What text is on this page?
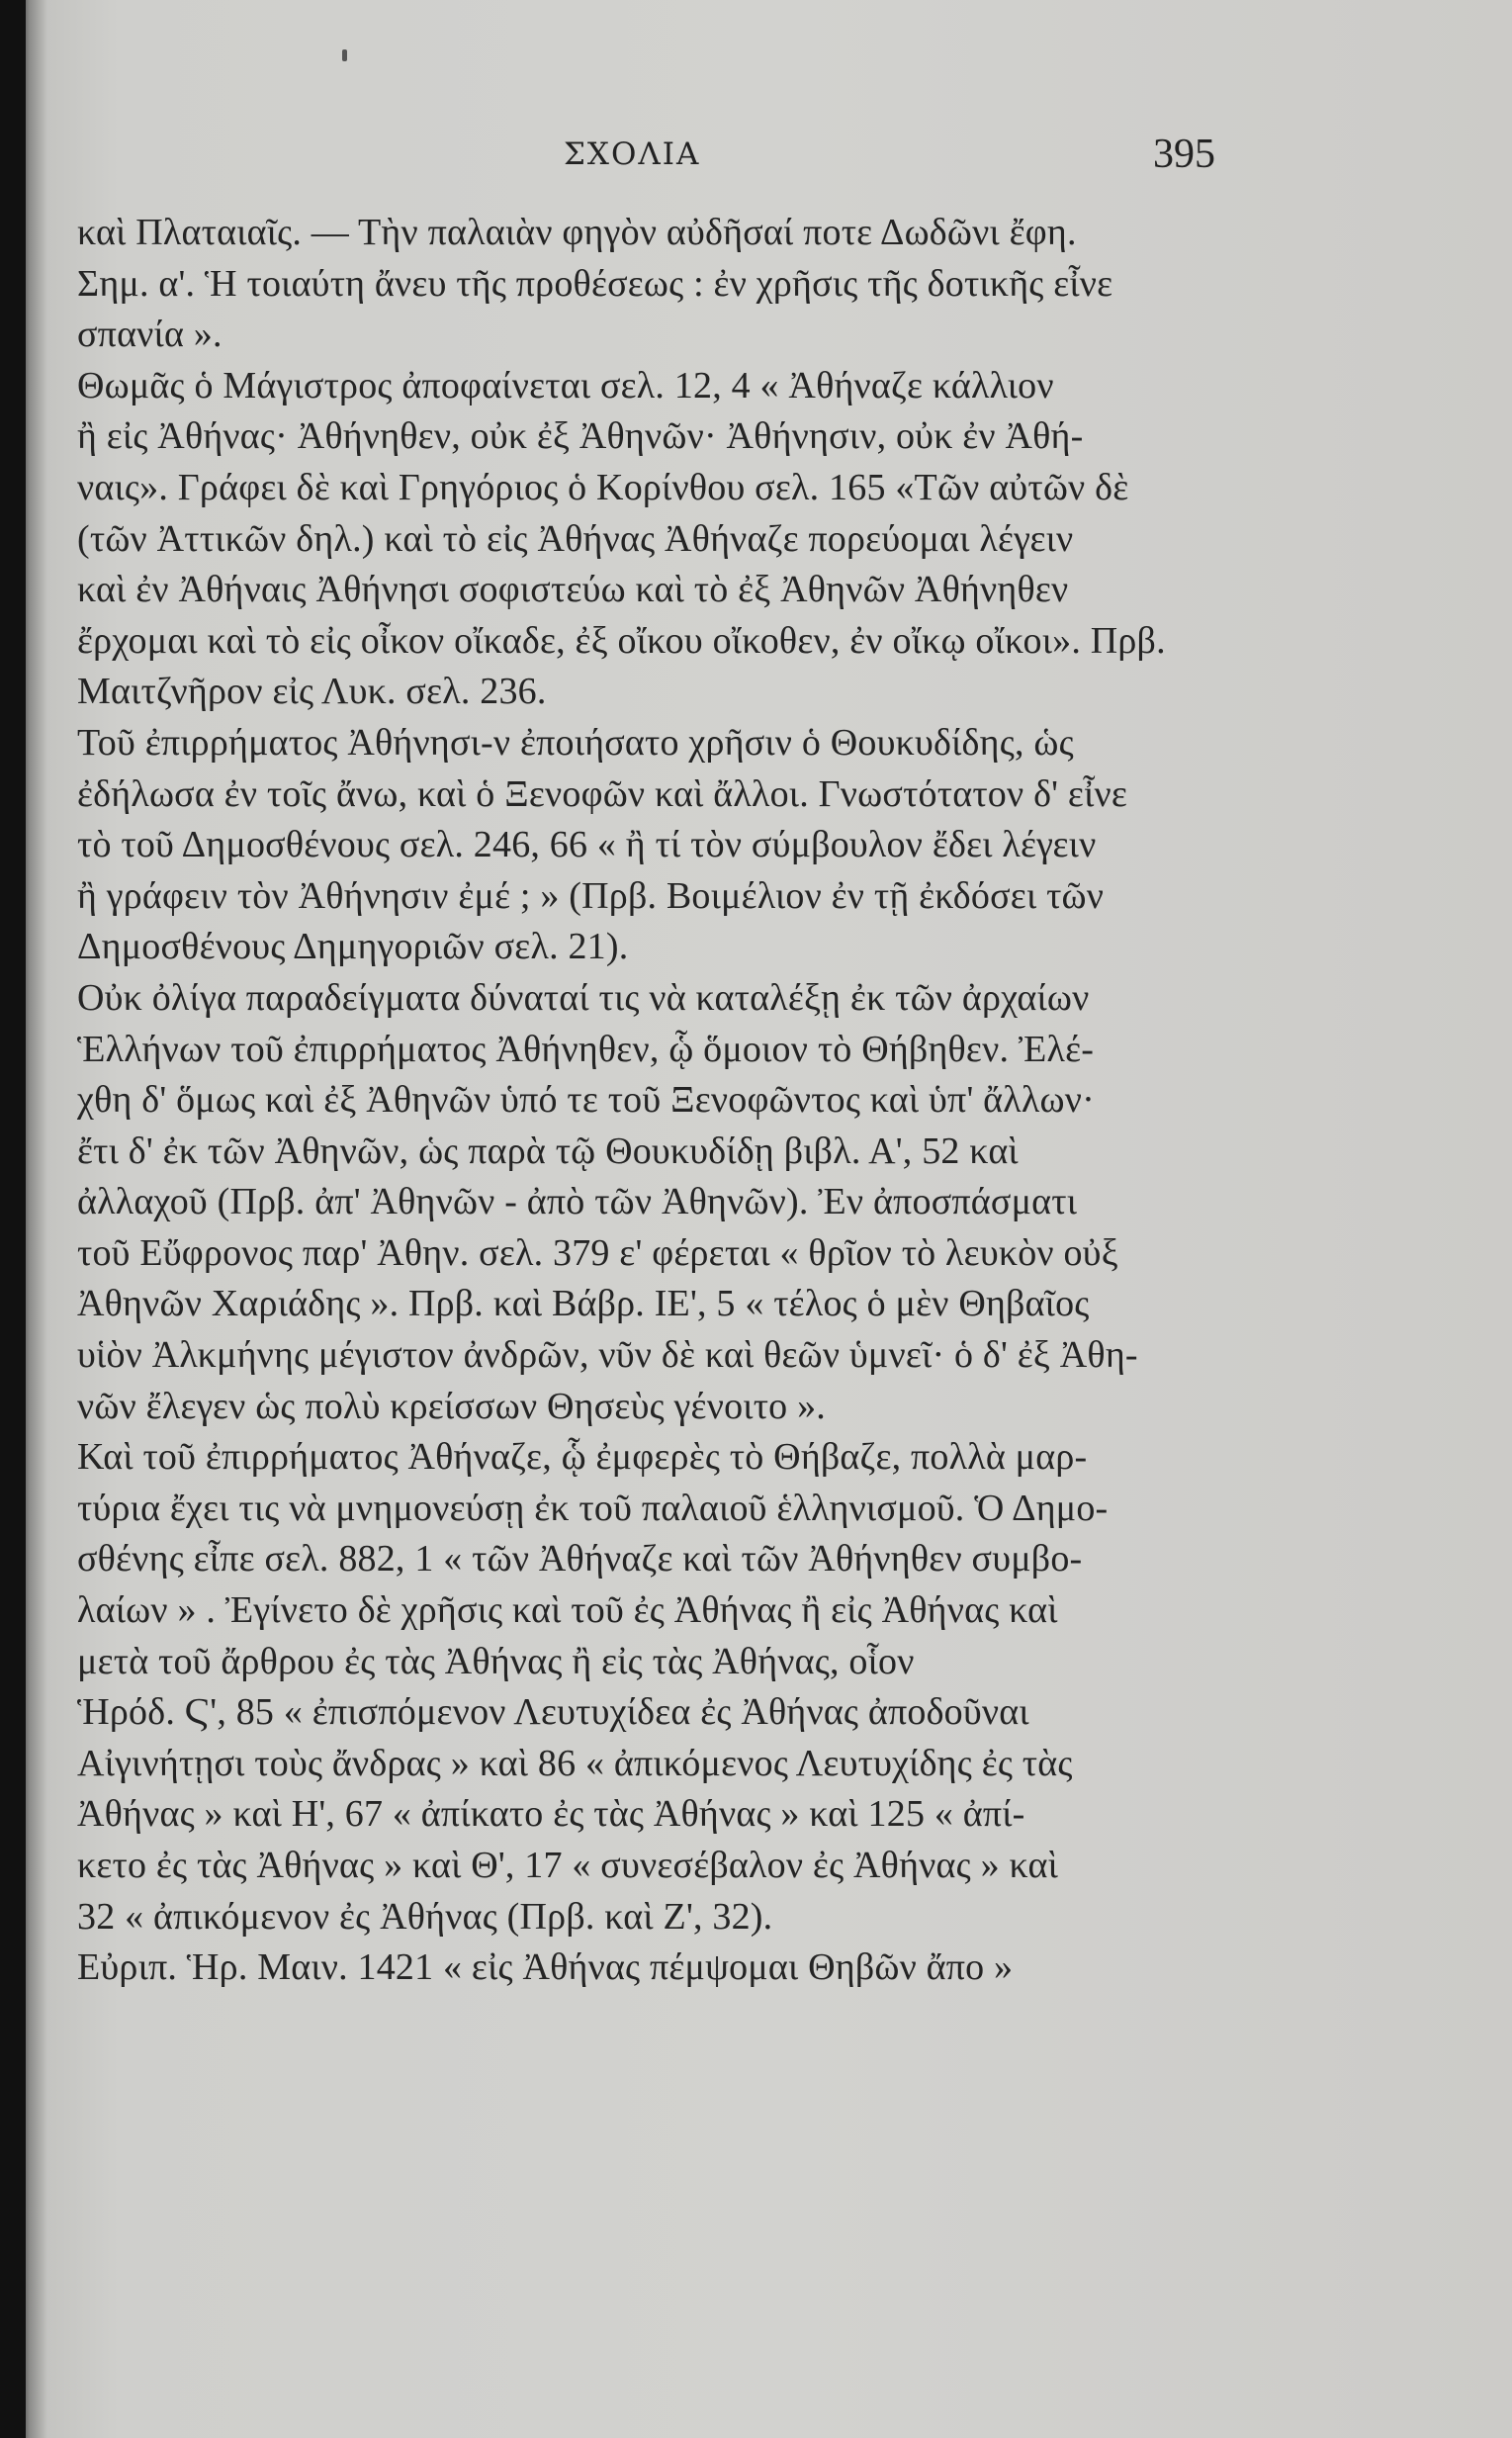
ΣΧΟΛΙΑ	395
καὶ Πλαταιαῖς. — Τὴν παλαιὰν φηγὸν αὐδῆσαί ποτε Δωδῶνι ἔφη.
Σημ. α'. Ἡ τοιαύτη ἄνευ τῆς προθέσεως : ἐν χρῆσις τῆς δοτικῆς εἶνε
σπανία ».
Θωμᾶς ὁ Μάγιστρος ἀποφαίνεται σελ. 12, 4 « Ἀθήναζε κάλλιον
ἢ εἰς Ἀθήνας· Ἀθήνηθεν, οὐκ ἐξ Ἀθηνῶν· Ἀθήνησιν, οὐκ ἐν Ἀθή-
ναις». Γράφει δὲ καὶ Γρηγόριος ὁ Κορίνθου σελ. 165 «Τῶν αὐτῶν δὲ
(τῶν Ἀττικῶν δηλ.) καὶ τὸ εἰς Ἀθήνας Ἀθήναζε πορεύομαι λέγειν
καὶ ἐν Ἀθήναις Ἀθήνησι σοφιστεύω καὶ τὸ ἐξ Ἀθηνῶν Ἀθήνηθεν
ἔρχομαι καὶ τὸ εἰς οἶκον οἴκαδε, ἐξ οἴκου οἴκοθεν, ἐν οἴκῳ οἴκοι». Πρβ.
Μαιτζνῆρον εἰς Λυκ. σελ. 236.
Τοῦ ἐπιρρήματος Ἀθήνησι-ν ἐποιήσατο χρῆσιν ὁ Θουκυδίδης, ὡς
ἐδήλωσα ἐν τοῖς ἄνω, καὶ ὁ Ξενοφῶν καὶ ἄλλοι. Γνωστότατον δ' εἶνε
τὸ τοῦ Δημοσθένους σελ. 246, 66 « ἢ τί τὸν σύμβουλον ἔδει λέγειν
ἢ γράφειν τὸν Ἀθήνησιν ἐμέ ; » (Πρβ. Βοιμέλιον ἐν τῇ ἐκδόσει τῶν
Δημοσθένους Δημηγοριῶν σελ. 21).
Οὐκ ὀλίγα παραδείγματα δύναταί τις νὰ καταλέξῃ ἐκ τῶν ἀρχαίων
Ἑλλήνων τοῦ ἐπιρρήματος Ἀθήνηθεν, ᾧ ὅμοιον τὸ Θήβηθεν. Ἐλέ-
χθη δ' ὅμως καὶ ἐξ Ἀθηνῶν ὑπό τε τοῦ Ξενοφῶντος καὶ ὑπ' ἄλλων·
ἔτι δ' ἐκ τῶν Ἀθηνῶν, ὡς παρὰ τῷ Θουκυδίδῃ βιβλ. Α', 52 καὶ
ἀλλαχοῦ (Πρβ. ἀπ' Ἀθηνῶν - ἀπὸ τῶν Ἀθηνῶν). Ἐν ἀποσπάσματι
τοῦ Εὔφρονος παρ' Ἀθην. σελ. 379 ε' φέρεται « θρῖον τὸ λευκὸν οὐξ
Ἀθηνῶν Χαριάδης ». Πρβ. καὶ Βάβρ. ΙΕ', 5 « τέλος ὁ μὲν Θηβαῖος
υἱὸν Ἀλκμήνης μέγιστον ἀνδρῶν, νῦν δὲ καὶ θεῶν ὑμνεῖ· ὁ δ' ἐξ Ἀθη-
νῶν ἔλεγεν ὡς πολὺ κρείσσων Θησεὺς γένοιτο ».
Καὶ τοῦ ἐπιρρήματος Ἀθήναζε, ᾧ ἐμφερὲς τὸ Θήβαζε, πολλὰ μαρ-
τύρια ἔχει τις νὰ μνημονεύσῃ ἐκ τοῦ παλαιοῦ ἑλληνισμοῦ. Ὁ Δημο-
σθένης εἶπε σελ. 882, 1 « τῶν Ἀθήναζε καὶ τῶν Ἀθήνηθεν συμβο-
λαίων » . Ἐγίνετο δὲ χρῆσις καὶ τοῦ ἐς Ἀθήνας ἢ εἰς Ἀθήνας καὶ
μετὰ τοῦ ἄρθρου ἐς τὰς Ἀθήνας ἢ εἰς τὰς Ἀθήνας, οἷον
Ἡρόδ. Ϛ', 85 « ἐπισπόμενον Λευτυχίδεα ἐς Ἀθήνας ἀποδοῦναι
Αἰγινήτῃσι τοὺς ἄνδρας » καὶ 86 « ἀπικόμενος Λευτυχίδης ἐς τὰς
Ἀθήνας » καὶ Η', 67 « ἀπίκατο ἐς τὰς Ἀθήνας » καὶ 125 « ἀπί-
κετο ἐς τὰς Ἀθήνας » καὶ Θ', 17 « συνεσέβαλον ἐς Ἀθήνας » καὶ
32 « ἀπικόμενον ἐς Ἀθήνας (Πρβ. καὶ Ζ', 32).
Εὐριπ. Ἡρ. Μαιν. 1421 « εἰς Ἀθήνας πέμψομαι Θηβῶν ἄπο »
